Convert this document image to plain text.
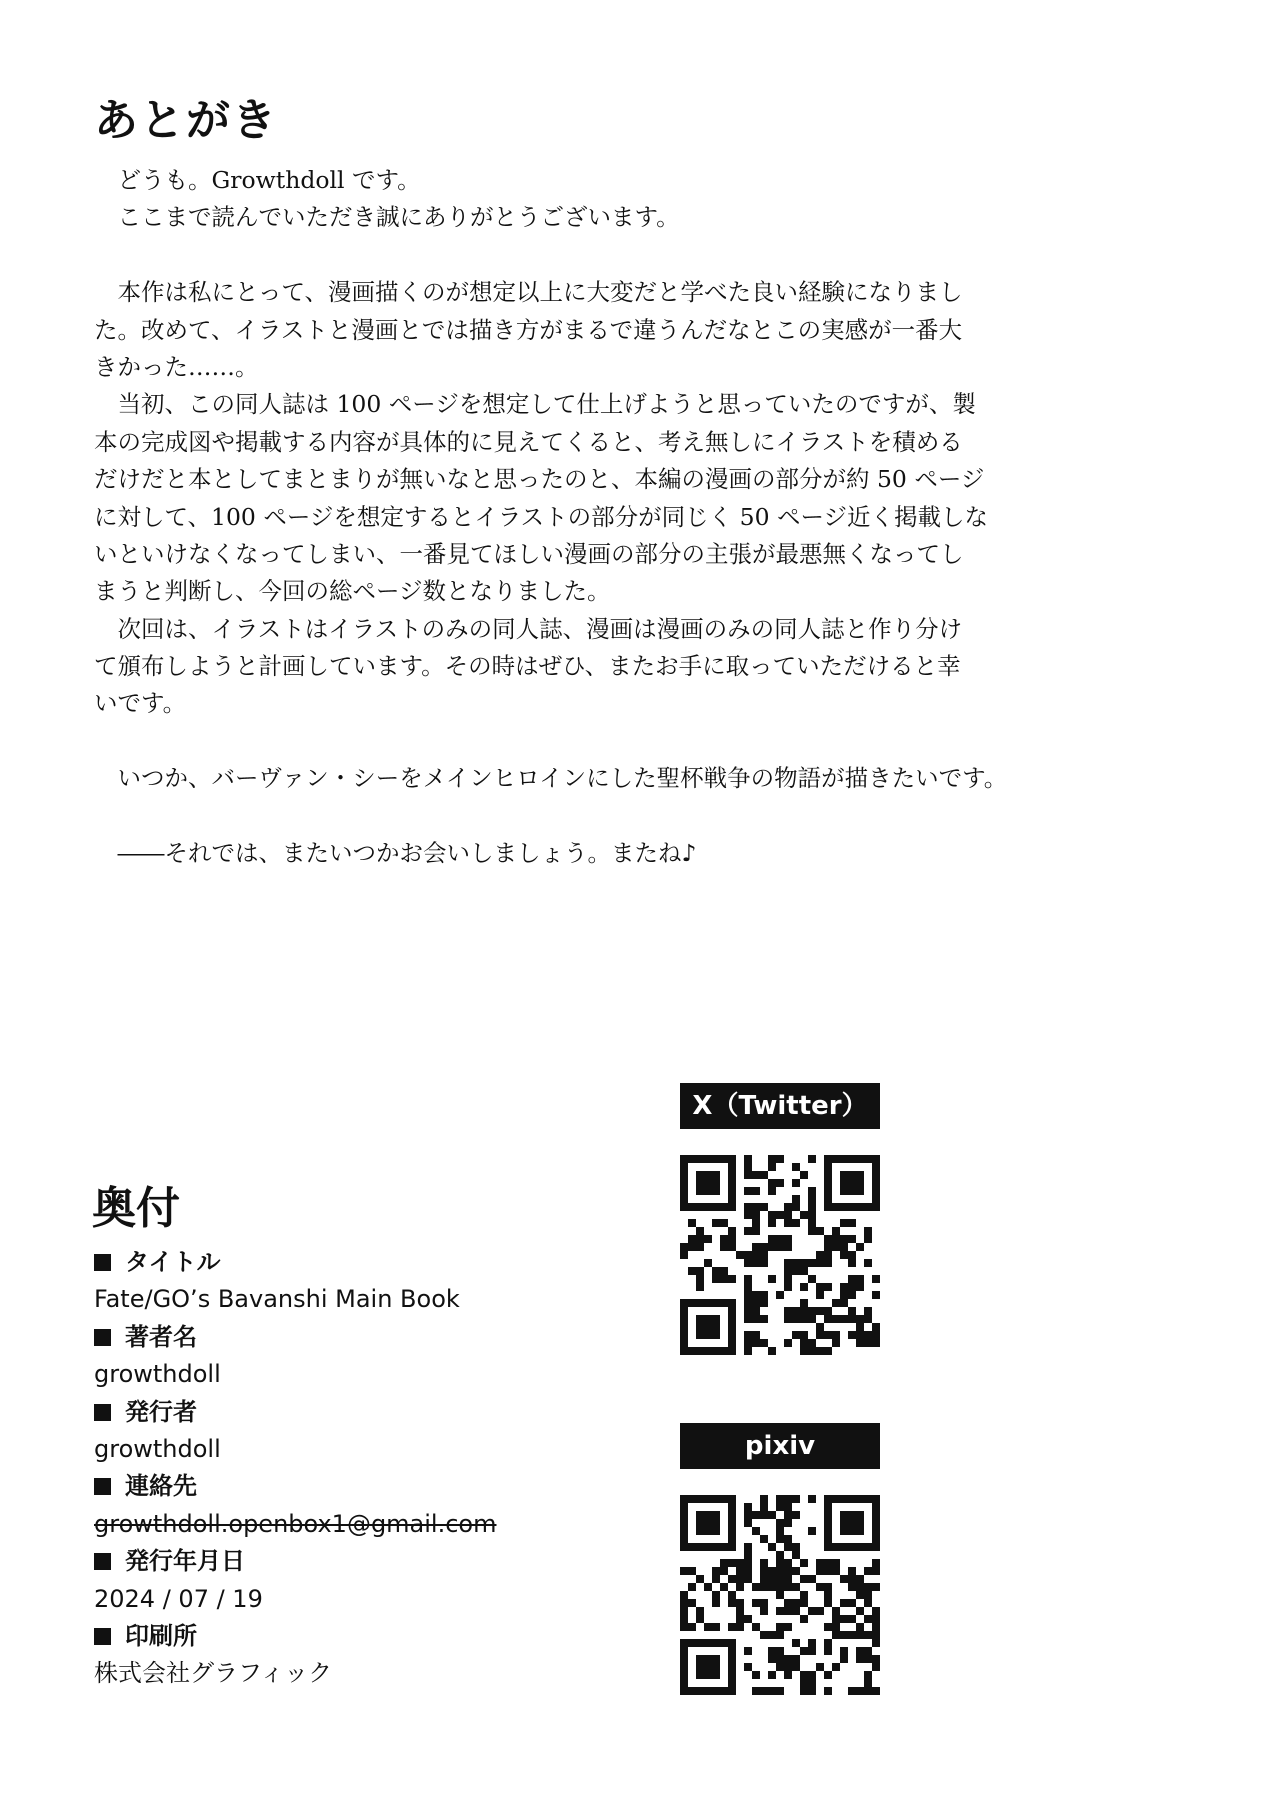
あとがき
　どうも。Growthdoll です。
　ここまで読んでいただき誠にありがとうございます。
　本作は私にとって、漫画描くのが想定以上に大変だと学べた良い経験になりまし
た。改めて、イラストと漫画とでは描き方がまるで違うんだなとこの実感が一番大
きかった……。
　当初、この同人誌は 100 ページを想定して仕上げようと思っていたのですが、製
本の完成図や掲載する内容が具体的に見えてくると、考え無しにイラストを積める
だけだと本としてまとまりが無いなと思ったのと、本編の漫画の部分が約 50 ページ
に対して、100 ページを想定するとイラストの部分が同じく 50 ページ近く掲載しな
いといけなくなってしまい、一番見てほしい漫画の部分の主張が最悪無くなってし
まうと判断し、今回の総ページ数となりました。
　次回は、イラストはイラストのみの同人誌、漫画は漫画のみの同人誌と作り分け
て頒布しようと計画しています。その時はぜひ、またお手に取っていただけると幸
いです。
　いつか、バーヴァン・シーをメインヒロインにした聖杯戦争の物語が描きたいです。
　――それでは、またいつかお会いしましょう。またね♪
奥付
タイトル
Fate/GO’s Bavanshi Main Book
著者名
growthdoll
発行者
growthdoll
連絡先
growthdoll.openbox1@gmail.com
発行年月日
2024 / 07 / 19
印刷所
株式会社グラフィック
X（Twitter）
pixiv
